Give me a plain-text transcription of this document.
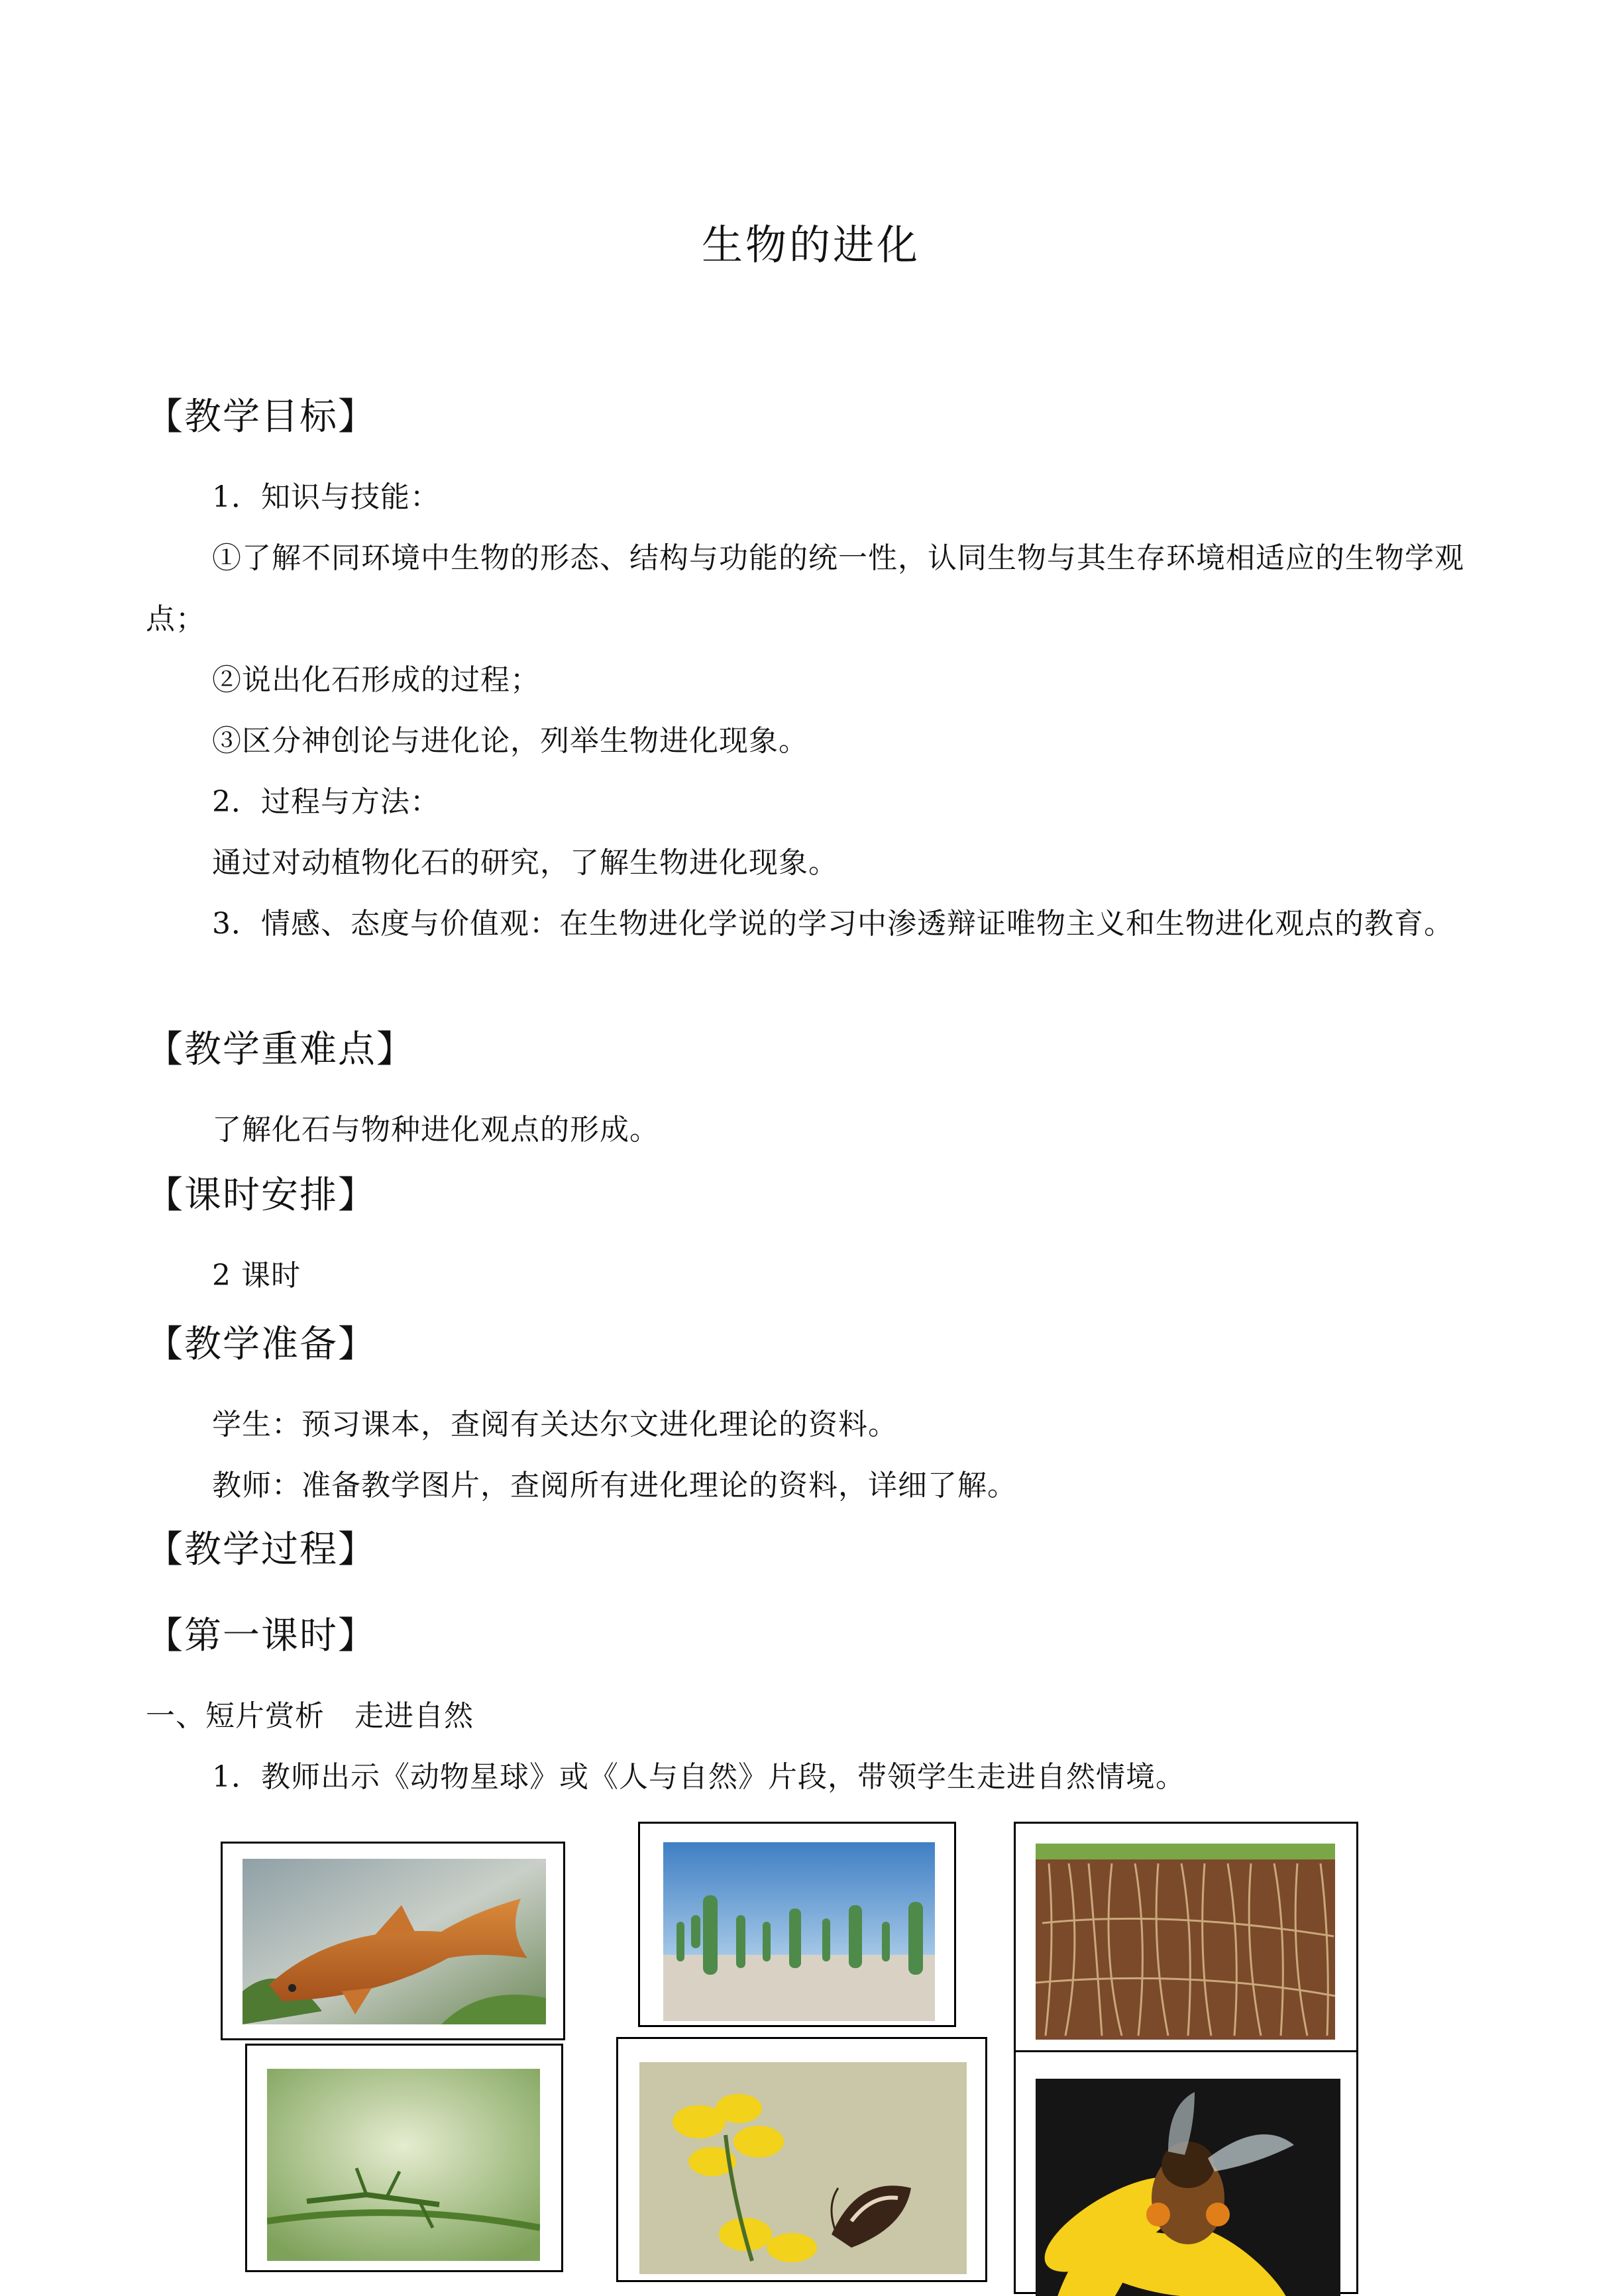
生物的进化
【教学目标】
1．知识与技能：
①了解不同环境中生物的形态、结构与功能的统一性，认同生物与其生存环境相适应的生物学观点；
②说出化石形成的过程；
③区分神创论与进化论，列举生物进化现象。
2．过程与方法：
通过对动植物化石的研究，了解生物进化现象。
3．情感、态度与价值观：在生物进化学说的学习中渗透辩证唯物主义和生物进化观点的教育。
【教学重难点】
了解化石与物种进化观点的形成。
【课时安排】
2 课时
【教学准备】
学生：预习课本，查阅有关达尔文进化理论的资料。
教师：准备教学图片，查阅所有进化理论的资料，详细了解。
【教学过程】
【第一课时】
一、短片赏析　走进自然
1．教师出示《动物星球》或《人与自然》片段，带领学生走进自然情境。
